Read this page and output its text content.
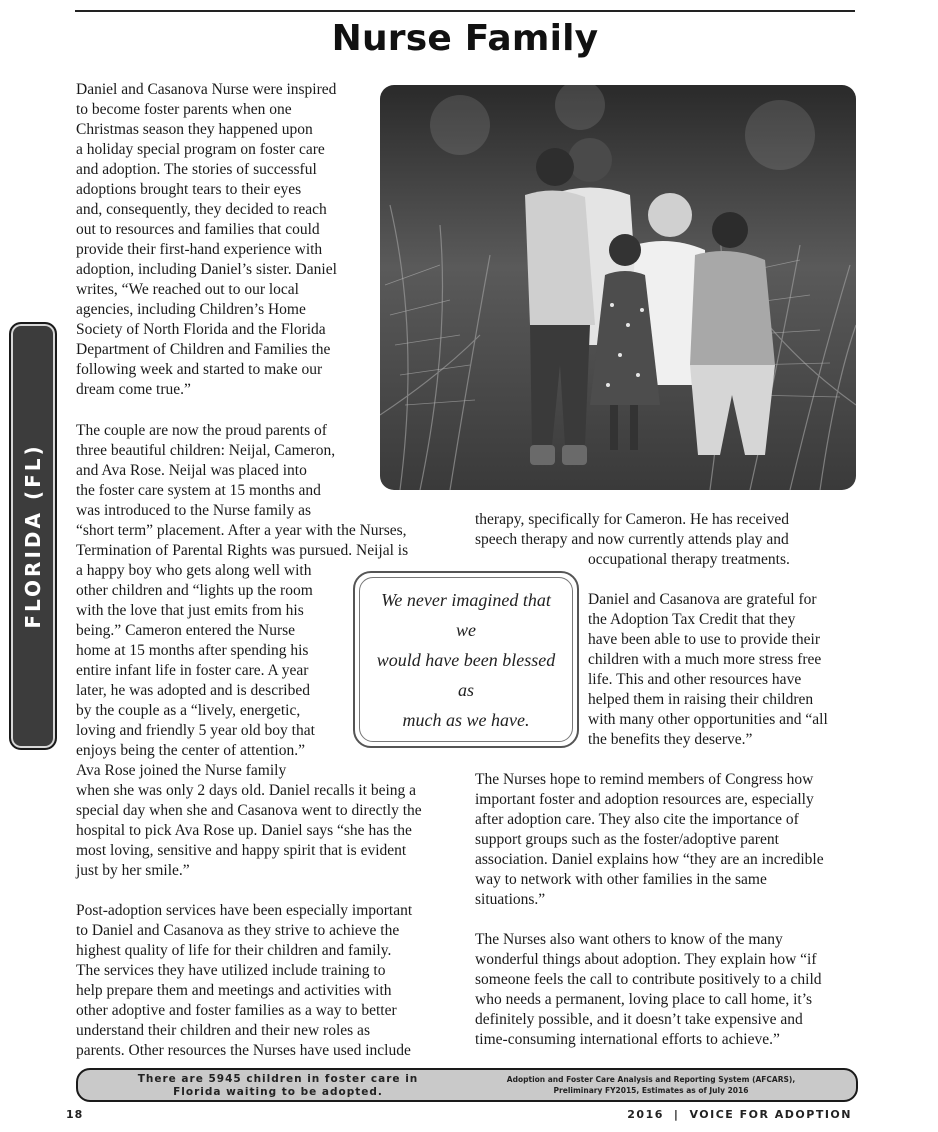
Nurse Family

Daniel and Casanova Nurse were inspired

to become foster parents when one

Christmas season they happened upon

a holiday special program on foster care

and adoption. The stories of successful

adoptions brought tears to their eyes

and, consequently, they decided to reach

out to resources and families that could

provide their first-hand experience with

adoption, including Daniel’s sister. Daniel

writes, “We reached out to our local

agencies, including Children’s Home

Society of North Florida and the Florida

Department of Children and Families the

following week and started to make our

dream come true.”

The couple are now the proud parents of

three beautiful children: Neijal, Cameron,

and Ava Rose. Neijal was placed into

the foster care system at 15 months and

was introduced to the Nurse family as

“short term” placement. After a year with the Nurses,

Termination of Parental Rights was pursued. Neijal is

a happy boy who gets along well with

other children and “lights up the room

with the love that just emits from his

being.” Cameron entered the Nurse

home at 15 months after spending his

entire infant life in foster care. A year

later, he was adopted and is described

by the couple as a “lively, energetic,

loving and friendly 5 year old boy that

enjoys being the center of attention.”

Ava Rose joined the Nurse family

when she was only 2 days old. Daniel recalls it being a

special day when she and Casanova went to directly the

hospital to pick Ava Rose up. Daniel says “she has the

most loving, sensitive and happy spirit that is evident

just by her smile.”

Post-adoption services have been especially important

to Daniel and Casanova as they strive to achieve the

highest quality of life for their children and family.

The services they have utilized include training to

help prepare them and meetings and activities with

other adoptive and foster families as a way to better

understand their children and their new roles as

parents. Other resources the Nurses have used include

therapy, specifically for Cameron. He has received

speech therapy and now currently attends play and

occupational therapy treatments.

Daniel and Casanova are grateful for

the Adoption Tax Credit that they

have been able to use to provide their

children with a much more stress free

life. This and other resources have

helped them in raising their children

with many other opportunities and “all

the benefits they deserve.”

The Nurses hope to remind members of Congress how

important foster and adoption resources are, especially

after adoption care. They also cite the importance of

support groups such as the foster/adoptive parent

association. Daniel explains how “they are an incredible

way to network with other families in the same

situations.”

The Nurses also want others to know of the many

wonderful things about adoption. They explain how “if

someone feels the call to contribute positively to a child

who needs a permanent, loving place to call home, it’s

definitely possible, and it doesn’t take expensive and

time-consuming international efforts to achieve.”

We never imagined that we
would have been blessed as
much as we have.
FLORIDA (FL)
There are 5945 children in foster care in
Florida waiting to be adopted.
Adoption and Foster Care Analysis and Reporting System (AFCARS),
Preliminary FY2015, Estimates as of July 2016
18	2016 | VOICE FOR ADOPTION
